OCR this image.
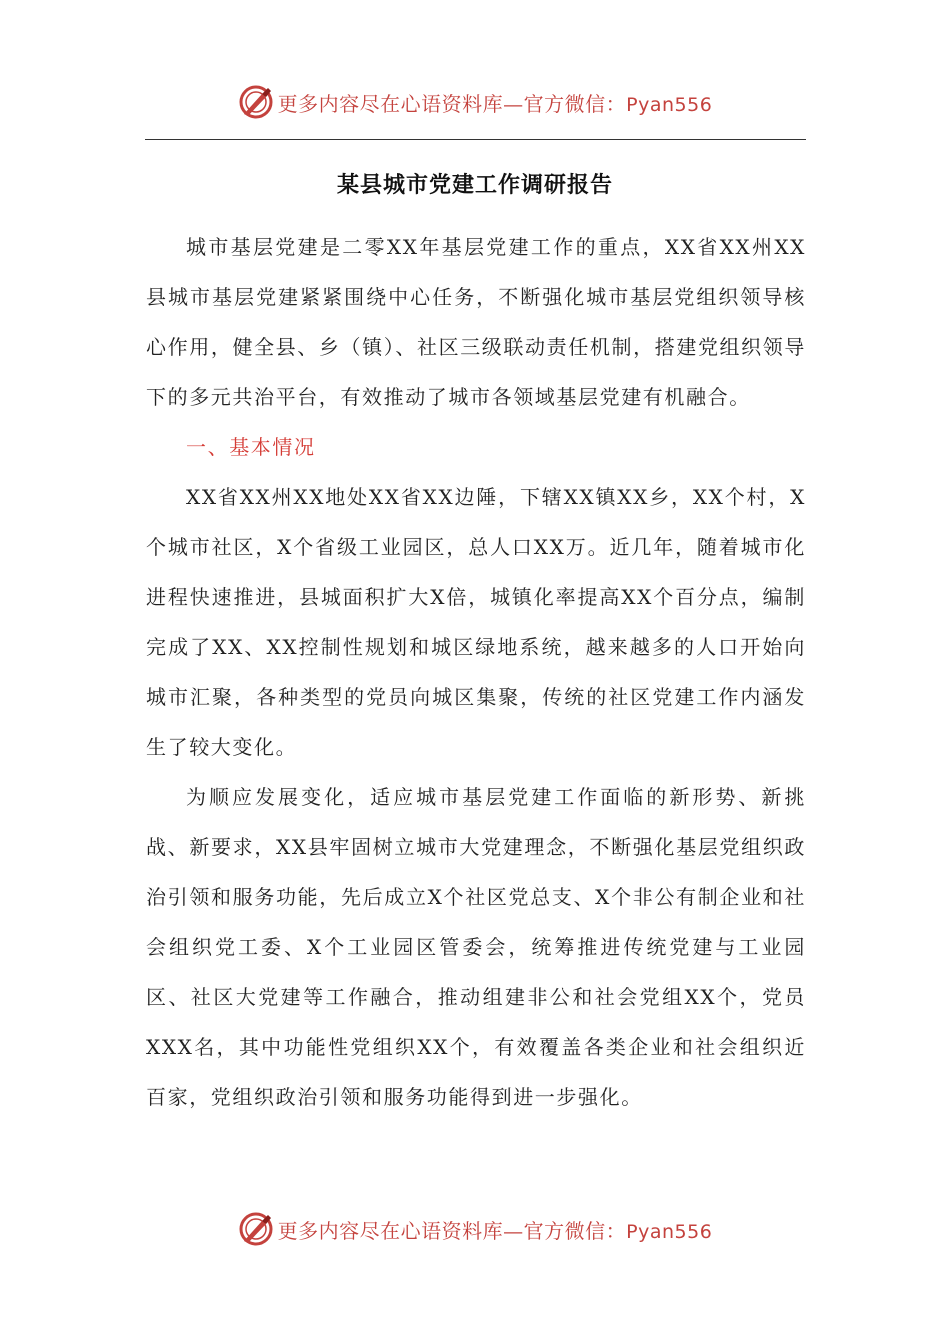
更多内容尽在心语资料库—官方微信：Pyan556
某县城市党建工作调研报告

城市基层党建是二零XX年基层党建工作的重点，XX省XX州XX县城市基层党建紧紧围绕中心任务，不断强化城市基层党组织领导核心作用，健全县、乡（镇）、社区三级联动责任机制，搭建党组织领导下的多元共治平台，有效推动了城市各领域基层党建有机融合。

一、基本情况

XX省XX州XX地处XX省XX边陲，下辖XX镇XX乡，XX个村，X个城市社区，X个省级工业园区，总人口XX万。近几年，随着城市化进程快速推进，县城面积扩大X倍，城镇化率提高XX个百分点，编制完成了XX、XX控制性规划和城区绿地系统，越来越多的人口开始向城市汇聚，各种类型的党员向城区集聚，传统的社区党建工作内涵发生了较大变化。

为顺应发展变化，适应城市基层党建工作面临的新形势、新挑战、新要求，XX县牢固树立城市大党建理念，不断强化基层党组织政治引领和服务功能，先后成立X个社区党总支、X个非公有制企业和社会组织党工委、X个工业园区管委会，统筹推进传统党建与工业园区、社区大党建等工作融合，推动组建非公和社会党组XX个，党员XXX名，其中功能性党组织XX个，有效覆盖各类企业和社会组织近百家，党组织政治引领和服务功能得到进一步强化。

更多内容尽在心语资料库—官方微信：Pyan556
